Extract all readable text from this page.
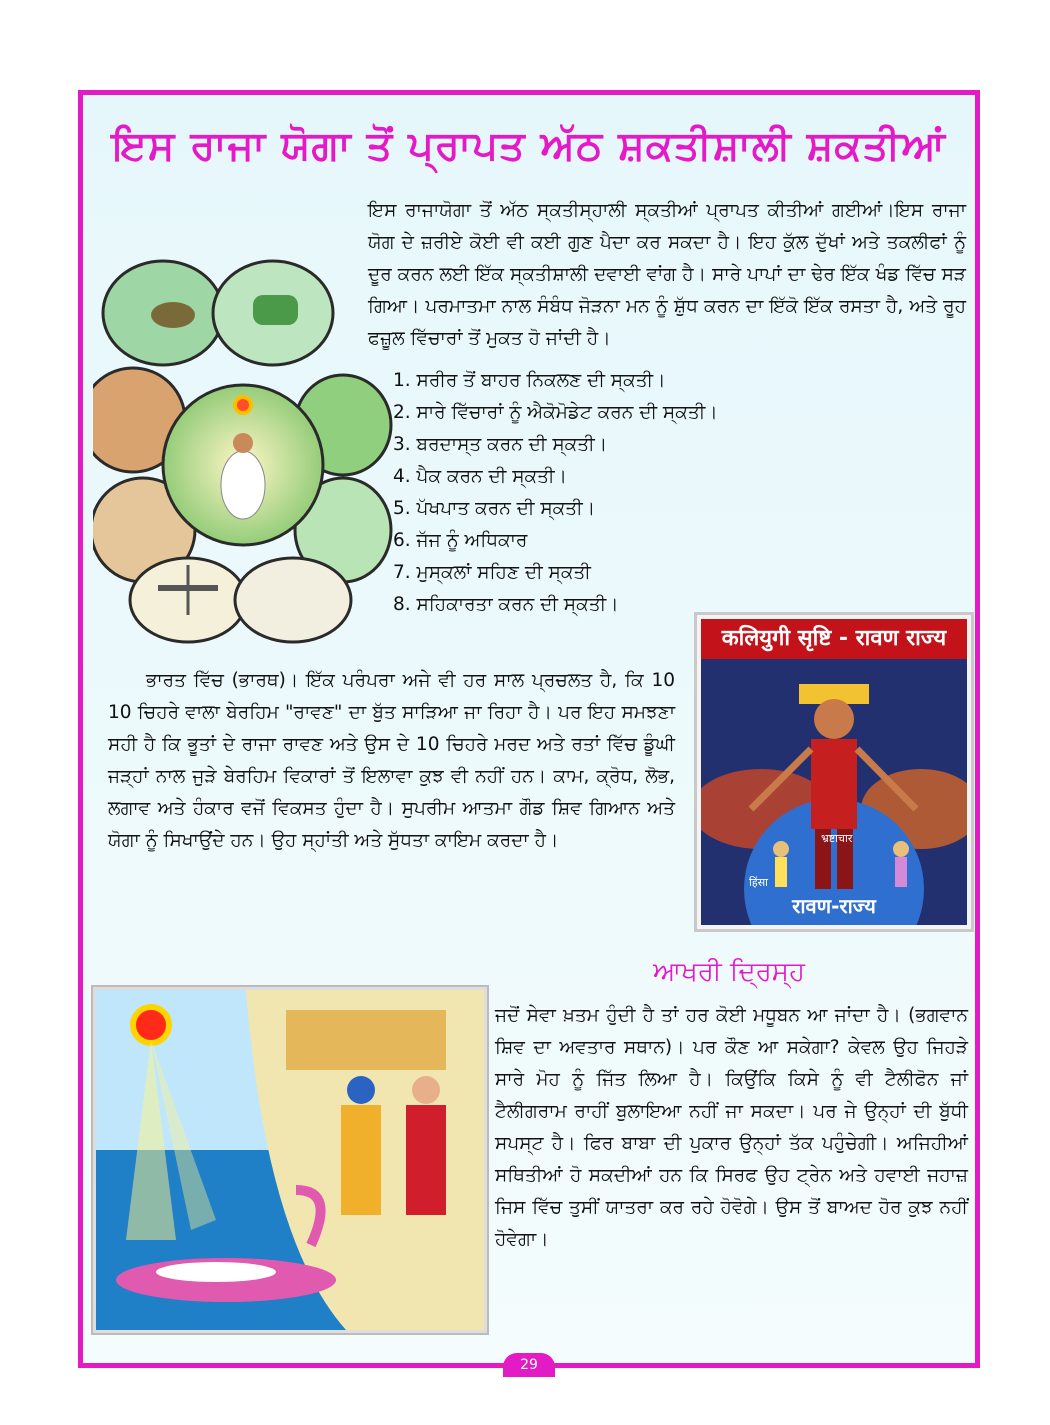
ਇਸ ਰਾਜਾ ਯੋਗਾ ਤੋਂ ਪ੍ਰਾਪਤ ਅੱਠ ਸ਼ਕਤੀਸ਼ਾਲੀ ਸ਼ਕਤੀਆਂ
ਇਸ ਰਾਜਾਯੋਗਾ ਤੋਂ ਅੱਠ ਸ੍ਕਤੀਸ੍ਹਾਲੀ ਸ੍ਕਤੀਆਂ ਪ੍ਰਾਪਤ ਕੀਤੀਆਂ ਗਈਆਂ।ਇਸ ਰਾਜਾ ਯੋਗ ਦੇ ਜ਼ਰੀਏ ਕੋਈ ਵੀ ਕਈ ਗੁਣ ਪੈਦਾ ਕਰ ਸਕਦਾ ਹੈ। ਇਹ ਕੁੱਲ ਦੁੱਖਾਂ ਅਤੇ ਤਕਲੀਫਾਂ ਨੂੰ ਦੂਰ ਕਰਨ ਲਈ ਇੱਕ ਸ੍ਕਤੀਸ਼ਾਲੀ ਦਵਾਈ ਵਾਂਗ ਹੈ। ਸਾਰੇ ਪਾਪਾਂ ਦਾ ਢੇਰ ਇੱਕ ਖੰਡ ਵਿੱਚ ਸੜ ਗਿਆ। ਪਰਮਾਤਮਾ ਨਾਲ ਸੰਬੰਧ ਜੋੜਨਾ ਮਨ ਨੂੰ ਸ਼ੁੱਧ ਕਰਨ ਦਾ ਇੱਕੋ ਇੱਕ ਰਸਤਾ ਹੈ, ਅਤੇ ਰੂਹ ਫਜ਼ੂਲ ਵਿੱਚਾਰਾਂ ਤੋਂ ਮੁਕਤ ਹੋ ਜਾਂਦੀ ਹੈ।
1. ਸਰੀਰ ਤੋਂ ਬਾਹਰ ਨਿਕਲਣ ਦੀ ਸ੍ਕਤੀ।
2. ਸਾਰੇ ਵਿੱਚਾਰਾਂ ਨੂੰ ਐਕੋਮੋਡੇਟ ਕਰਨ ਦੀ ਸ੍ਕਤੀ।
3. ਬਰਦਾਸ੍ਤ ਕਰਨ ਦੀ ਸ੍ਕਤੀ।
4. ਪੈਕ ਕਰਨ ਦੀ ਸ੍ਕਤੀ।
5. ਪੱਖਪਾਤ ਕਰਨ ਦੀ ਸ੍ਕਤੀ।
6. ਜੱਜ ਨੂੰ ਅਧਿਕਾਰ
7. ਮੁਸ੍ਕਲਾਂ ਸਹਿਣ ਦੀ ਸ੍ਕਤੀ
8. ਸਹਿਕਾਰਤਾ ਕਰਨ ਦੀ ਸ੍ਕਤੀ।
ਭਾਰਤ ਵਿੱਚ (ਭਾਰਥ)। ਇੱਕ ਪਰੰਪਰਾ ਅਜੇ ਵੀ ਹਰ ਸਾਲ ਪ੍ਰਚਲਤ ਹੈ, ਕਿ 10 10 ਚਿਹਰੇ ਵਾਲਾ ਬੇਰਹਿਮ "ਰਾਵਣ" ਦਾ ਬੁੱਤ ਸਾੜਿਆ ਜਾ ਰਿਹਾ ਹੈ। ਪਰ ਇਹ ਸਮਝਣਾ ਸਹੀ ਹੈ ਕਿ ਭੂਤਾਂ ਦੇ ਰਾਜਾ ਰਾਵਣ ਅਤੇ ਉਸ ਦੇ 10 ਚਿਹਰੇ ਮਰਦ ਅਤੇ ਰਤਾਂ ਵਿੱਚ ਡੂੰਘੀ ਜੜ੍ਹਾਂ ਨਾਲ ਜੁੜੇ ਬੇਰਹਿਮ ਵਿਕਾਰਾਂ ਤੋਂ ਇਲਾਵਾ ਕੁਝ ਵੀ ਨਹੀਂ ਹਨ। ਕਾਮ, ਕ੍ਰੋਧ, ਲੋਭ, ਲਗਾਵ ਅਤੇ ਹੰਕਾਰ ਵਜੋਂ ਵਿਕਸਤ ਹੁੰਦਾ ਹੈ। ਸੁਪਰੀਮ ਆਤਮਾ ਗੌਡ ਸ਼ਿਵ ਗਿਆਨ ਅਤੇ ਯੋਗਾ ਨੂੰ ਸਿਖਾਉਂਦੇ ਹਨ। ਉਹ ਸ੍ਹਾਂਤੀ ਅਤੇ ਸੁੱਧਤਾ ਕਾਇਮ ਕਰਦਾ ਹੈ।
कलियुगी सृष्टि - रावण राज्य
हिंसा
भ्रष्टाचार
रावण-राज्य
ਆਖਰੀ ਦ੍ਰਿਸ੍ਹ
ਜਦੋਂ ਸੇਵਾ ਖ਼ਤਮ ਹੁੰਦੀ ਹੈ ਤਾਂ ਹਰ ਕੋਈ ਮਧੂਬਨ ਆ ਜਾਂਦਾ ਹੈ। (ਭਗਵਾਨ ਸ਼ਿਵ ਦਾ ਅਵਤਾਰ ਸਥਾਨ)। ਪਰ ਕੌਣ ਆ ਸਕੇਗਾ? ਕੇਵਲ ਉਹ ਜਿਹੜੇ ਸਾਰੇ ਮੋਹ ਨੂੰ ਜਿੱਤ ਲਿਆ ਹੈ। ਕਿਉਂਕਿ ਕਿਸੇ ਨੂੰ ਵੀ ਟੈਲੀਫੋਨ ਜਾਂ ਟੈਲੀਗਰਾਮ ਰਾਹੀਂ ਬੁਲਾਇਆ ਨਹੀਂ ਜਾ ਸਕਦਾ। ਪਰ ਜੇ ਉਨ੍ਹਾਂ ਦੀ ਬੁੱਧੀ ਸਪਸ੍ਟ ਹੈ। ਫਿਰ ਬਾਬਾ ਦੀ ਪੁਕਾਰ ਉਨ੍ਹਾਂ ਤੱਕ ਪਹੁੰਚੇਗੀ। ਅਜਿਹੀਆਂ ਸਥਿਤੀਆਂ ਹੋ ਸਕਦੀਆਂ ਹਨ ਕਿ ਸਿਰਫ ਉਹ ਟ੍ਰੇਨ ਅਤੇ ਹਵਾਈ ਜਹਾਜ਼ ਜਿਸ ਵਿੱਚ ਤੁਸੀਂ ਯਾਤਰਾ ਕਰ ਰਹੇ ਹੋਵੋਗੇ। ਉਸ ਤੋਂ ਬਾਅਦ ਹੋਰ ਕੁਝ ਨਹੀਂ ਹੋਵੇਗਾ।
29
